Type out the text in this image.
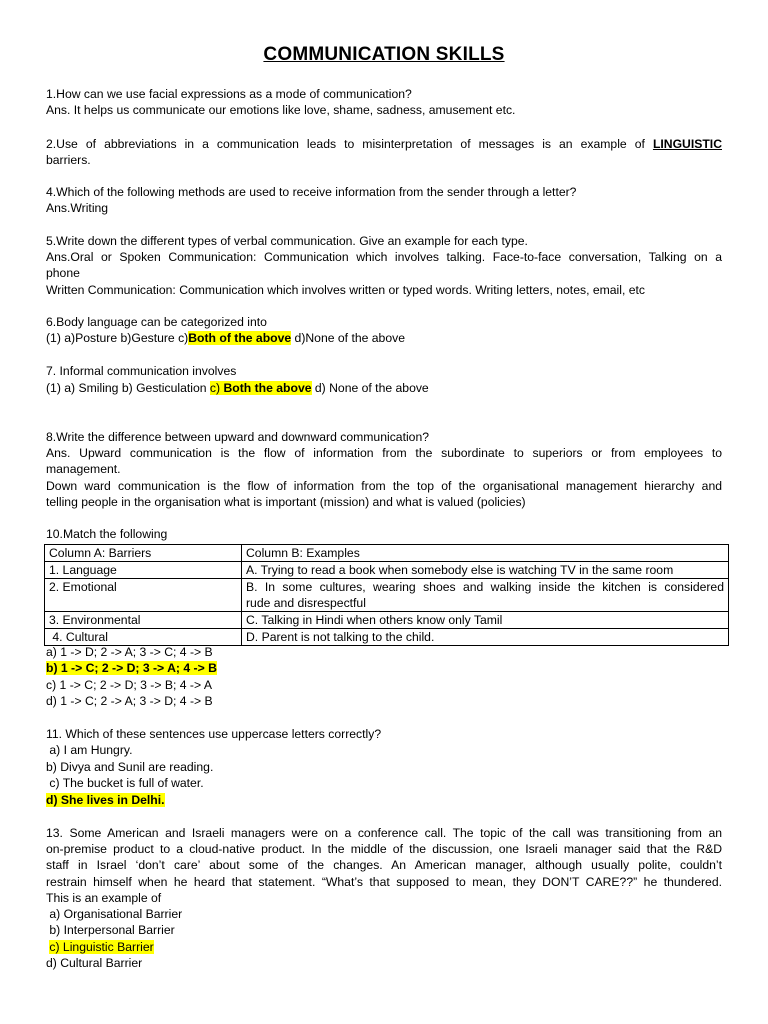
COMMUNICATION SKILLS
1.How can we use facial expressions as a mode of communication?
Ans. It helps us communicate our emotions like love, shame, sadness, amusement etc.
2.Use of abbreviations in a communication leads to misinterpretation of messages is an example of LINGUISTIC
barriers.
4.Which of the following methods are used to receive information from the sender through a letter?
Ans.Writing
5.Write down the different types of verbal communication. Give an example for each type.
Ans.Oral or Spoken Communication: Communication which involves talking. Face-to-face conversation, Talking on a
phone
Written Communication: Communication which involves written or typed words. Writing letters, notes, email, etc
6.Body language can be categorized into
(1) a)Posture b)Gesture c)Both of the above d)None of the above
7. Informal communication involves
(1) a) Smiling b) Gesticulation c) Both the above d) None of the above
8.Write the difference between upward and downward communication?
Ans. Upward communication is the flow of information from the subordinate to superiors or from employees to
management.
Down ward communication is the flow of information from the top of the organisational management hierarchy and
telling people in the organisation what is important (mission) and what is valued (policies)
10.Match the following
Column A: Barriers	Column B: Examples
1. Language	A. Trying to read a book when somebody else is watching TV in the same room
2. Emotional	B. In some cultures, wearing shoes and walking inside the kitchen is considered
rude and disrespectful

3. Environmental	C. Talking in Hindi when others know only Tamil
4. Cultural	D. Parent is not talking to the child.
a) 1 -> D; 2 -> A; 3 -> C; 4 -> B
b) 1 -> C; 2 -> D; 3 -> A; 4 -> B
c) 1 -> C; 2 -> D; 3 -> B; 4 -> A
d) 1 -> C; 2 -> A; 3 -> D; 4 -> B
11. Which of these sentences use uppercase letters correctly?
a) I am Hungry.
b) Divya and Sunil are reading.
c) The bucket is full of water.
d) She lives in Delhi.
13. Some American and Israeli managers were on a conference call. The topic of the call was transitioning from an
on-premise product to a cloud-native product. In the middle of the discussion, one Israeli manager said that the R&D
staff in Israel ‘don’t care’ about some of the changes. An American manager, although usually polite, couldn’t
restrain himself when he heard that statement. “What’s that supposed to mean, they DON’T CARE??” he thundered.
This is an example of
a) Organisational Barrier
b) Interpersonal Barrier
c) Linguistic Barrier
d) Cultural Barrier
